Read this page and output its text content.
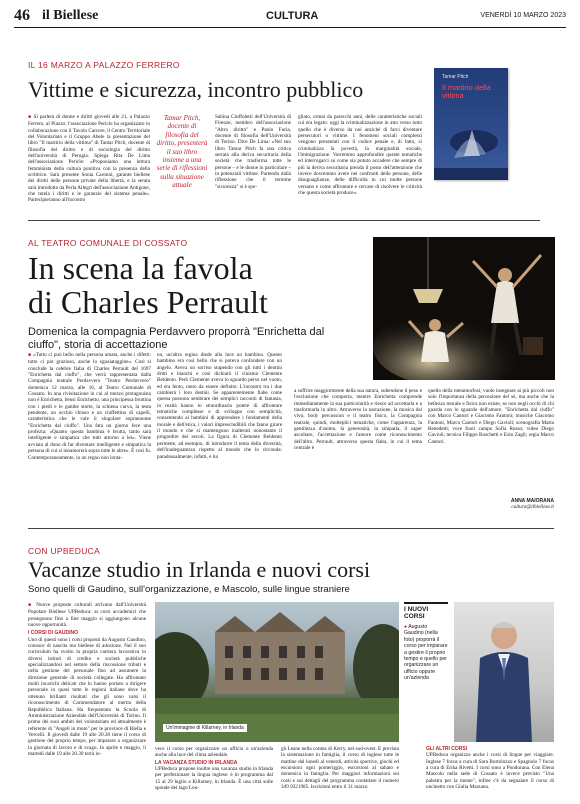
46 il Biellese	CULTURA	VENERDÌ 10 MARZO 2023
IL 16 MARZO A PALAZZO FERRERO
Vittime e sicurezza, incontro pubblico
■ Si parlerà di donne e diritti giovedì alle 21, a Palazzo Ferrero, al Piazzo: l'associazione Pericle ha organizzato in collaborazione con il Tavolo Carcere, il Centro Territoriale del Volontariato e il Gruppo Abele la presentazione del libro "Il martirio della vittima" di Tamar Pitch, docente di filosofia del diritto e di sociologia del diritto dell'università di Perugia. Spiega Rita De Lima dell'associazione Pericle: «Proponiamo una lettura femminista della cultura punitiva con la presenza della scrittrice. Sarà presente Sonia Caronni, garante biellese dei diritti delle persone private della libertà, e la serata sarà introdotta da Perla Allegri dell'associazione Antigone, che tutela i diritti e le garanzie del sistema penale». Partecipieranno all'incontro
Tamar Pitch, docente di filosofia del diritto, presenterà il suo libro insieme a una serie di riflessioni sulla situazione attuale
Sabina Ciuffoletti dell'Università di Firenze, membro dell'associazione "Altro diritto" e Paolo Furia, docente di filosofia dell'Università di Torino. Dice De Lima: «Nel suo libro Tamar Pitch fa una critica serrata alla deriva securitaria della società che trasforma tutte le persone – e le donne in particolare – in potenziali vittime. Partendo dalla riflessione che il termine "sicurezza" si è spo-
gliato, ormai da parecchi anni, delle caratteristiche sociali cui era legato: oggi la criminalizzazione in atto verso tutto quello che è diverso da noi anziché di farci diventare persecutori o vittime. I fenomeni sociali complessi vengono presentati con il codice penale e, di fatto, si criminalizza la povertà, la marginalità sociale, l'immigrazione. Vorremmo approfondire queste tematiche ed interrogarci su come sia potuto accadere che sempre di più la deriva securitaria prenda il posto dell'attenzione che invece dovremmo avere nei confronti delle persone, delle disuguaglianze, delle difficoltà in cui molte persone versano e come affrontare e cercare di risolvere le criticità che questa società produce».
Tamar Pitch
Il martirio della vittima
AL TEATRO COMUNALE DI COSSATO
In scena la favola
di Charles Perrault
Domenica la compagnia Perdavvero proporrà "Enrichetta dal ciuffo", storia di accettazione
■ «Tutto ci può bello nella persona amata, anche i difetti: tutto ci par grazioso, anche lo sguaiataggine». Così si conclude la celebre fiaba di Charles Perrault del 1697 "Enrichetta dal ciuffo", che verrà rappresentata dalla Compagnia teatrale Perdavvero "Teatro Perdavvero" domenica 12 marzo, alle 16, al Teatro Comunale di Cossato. In una rivisitazione in cui al mezzo protagonista non è Enrichetta, bensì Enrichetto, una principessa bruttina con i piedi e le gambe storte, la schiena curva, la testa pendente, un occhio chiuso e un ciuffettino di capelli, caratteristica che le vale il singolare soprannome "Enrichetta dal ciuffo". Una fata un giorno fece una profezia: «Quanto questa bambina è brutta, tanto sarà intelligente e simpatica che tutti attorno a lei». Viene avviata al dono di far diventare intelligente e simpatica la persona di cui si innamorerà sopra tutte le altre». È così fu. Contemporaneamente, in un regno non lonta-
no, un'altra regina diede alla luce un bambino. Questo bambino era così bello che si poteva confondere con un angelo. Aveva un sorriso stupendo con gli tutti i dentini dritti e bianchi e così dichiarò il cinismo Clemente Beldento. Però Clemente aveva lo sguardo perso nel vuoto, ed era lento, tanto da essere definito. L'incontro tra i due cambierà i loro destini. Se apparentemente fiabe come questa possono sembrare dei semplici racconti di fantasia, in realtà hanno lo straordinario potere di affrontare tematiche complesse e di sviluppo con semplicità, consentendo ai bambini di apprendere i fondamenti della morale e dell'etica, i valori imprescindibili che fanno girare il mondo e che si mantengono inalterati nonostante il progredire dei secoli. La figura di Clemente Beldento permette, ad esempio, di introdurre il tema della diversità, dell'inadeguatezza rispetto al mondo che lo circonda: paradossalmente, infatti, è lui
a soffrire maggiormente della sua natura, subendone il peso e l'esclusione che comporta, mentre Enrichetta comprende immediatamente la sua particolarità e riesce ad accettarla e a trasformarla in altro. Attraverso la narrazione, la musica dal vivo, body percussion e il teatro fisico, la Compagnia teatrale, quindi, molteplici tematiche, come l'apparenza, la gentilezza d'animo, la generosità, la simpatia, il saper ascoltare, l'accettazione e l'amore come riconoscimento dell'altro. Perrault, attraverso questa fiaba, in cui il tema centrale è
quello della metamorfosi, vuole insegnare ai più piccoli non solo l'importanza della percezione del sé, ma anche che la bellezza morale e fisica non esiste, se non negli occhi di chi guarda con lo sguardo dell'amore. "Enrichetta dal ciuffo" con Marco Cantori e Giacomo Fantoni; musiche Giacomo Fantoni, Marco Cantori e Diego Gavioli; scenografia Marta Benedetti; voce fuori campo Sofia Russo; video Diego Gavioli; tecnica Filippo Boschetti e Ezio Zagli; regia Marco Cantori.
ANNA MAIORANA
cultura@ilbiellese.it
CON UPBEDUCA
Vacanze studio in Irlanda e nuovi corsi
Sono quelli di Gaudino, sull'organizzazione, e Mascolo, sulle lingue straniere
■ Nuove proposte culturali arrivano dall'Università Popolare Biellese UPBeduca: ai corsi accademici che proseguono fino a fine maggio si aggiungono alcune nuove opportunità.
I CORSI DI GAUDINO
Uno di questi sono i corsi proposti da Augusto Gaudino, conosce di nascita ma biellese di adozione. Nel il suo curriculum ha svolto la propria carriera lavorativa in diversi istituti di credito e società pubbliche specializzandosi nel settore della riscossione tributi e nella gestione del personale fino ad assumere la direzione generale di società collegate. Ha affrontato molti incarichi delicati che lo hanno portato a dirigere personale in quasi tutte le regioni italiane dove ha ottenuto brillanti risultati che gli sono valsi il riconoscimento di Commendatore al merito della Repubblica Italiana. Ha frequentato la Scuola di Amministrazione Aziendale dell'Università di Torino. Il primo dei suoi ambiti del volontariato ed attualmente è referente di "Angeli in moto" per le province di Biella e Vercelli. Il giovedì dalle 19 alle 20.30 tiene il corso di gestione del proprio tempo, per imparare a organizzare la giornata di lavoro e di svago. In aprile e maggio, il martedì dalle 19 alle 20.30 terrà in-
Un'immagine di Killarney, in Irlanda
vece il corso per organizzare un ufficio o un'azienda anche alla luce del clima aziendale.
LA VACANZA STUDIO IN IRLANDA
UPBeduca propone inoltre una vacanza studio in Irlanda per perfezionare la lingua inglese: è in programma dal 15 al 29 luglio a Killarney, in Irlanda. È una città sulle sponde del lago Lou-
gh Leane nella contea di Kerry, nel sud-ovest. È prevista la sistemazione in famiglia, il corso di inglese tutte le mattine dal lunedì al venerdì, attività sportive, giochi ed escursioni ogni pomeriggio, escursioni al sabato e domenica in famiglia. Per maggiori informazioni sui costi e sui dettagli del programma contattare il numero 349 9321985. Iscrizioni entro il 31 marzo.
I NUOVI CORSI
● Augusto Gaudino (nella foto) proporrà il corso per imparare a gestire il proprio tempo e quello per organizzare un ufficio oppure un'azienda
GLI ALTRI CORSI
UPBeduca organizza anche i corsi di lingue per viaggiare. Inglese 7 focus a cura di Sara Bortolozzo e Spagnolo 7 focus a cura di Erika Rivetti. I corsi sono a Pondurana. Con Elena Mascolo nella sede di Cossato è invece previsto "Una palestra per la mente", infine c'è da segnalare il corso di uncinetto con Giulia Marzana.
